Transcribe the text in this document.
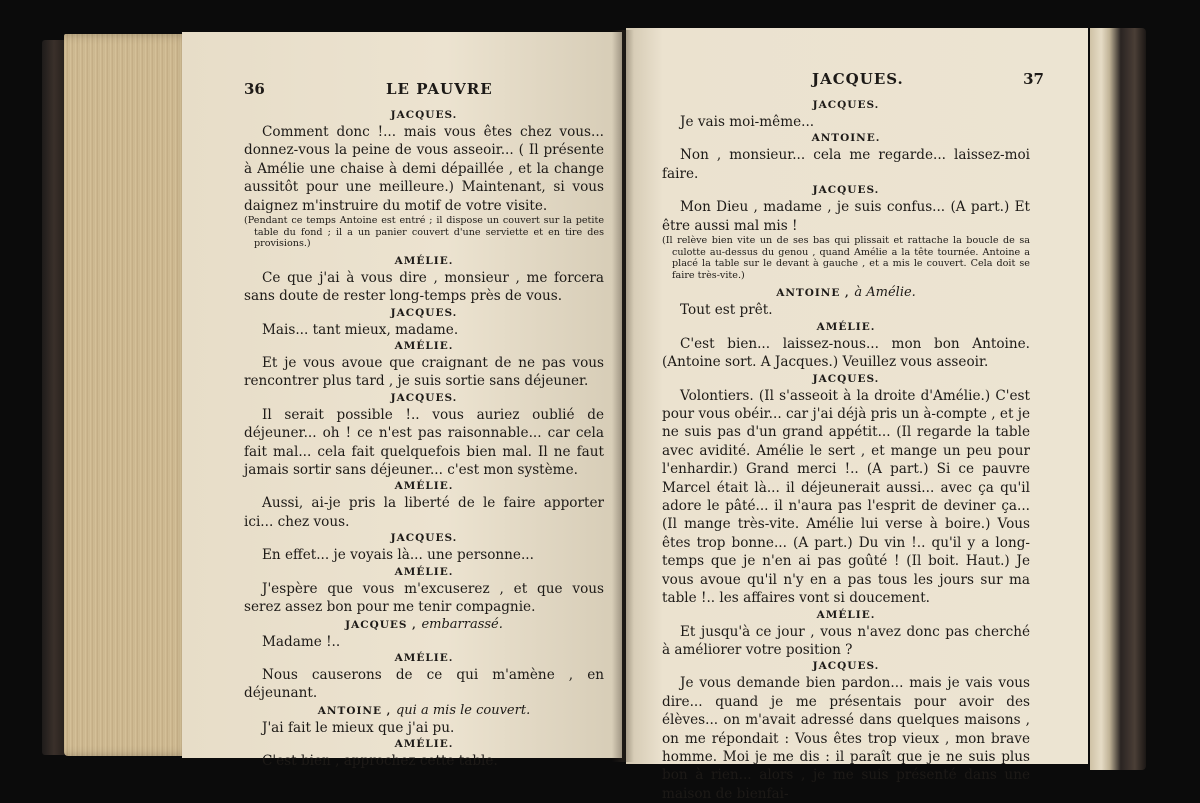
36	LE PAUVRE
JACQUES.

Comment donc !... mais vous êtes chez vous... donnez-vous la peine de vous asseoir... ( Il présente à Amélie une chaise à demi dépaillée , et la change aussitôt pour une meilleure.) Maintenant, si vous daignez m'instruire du motif de votre visite.

(Pendant ce temps Antoine est entré ; il dispose un couvert sur la petite table du fond ; il a un panier couvert d'une serviette et en tire des provisions.)

AMÉLIE.

Ce que j'ai à vous dire , monsieur , me forcera sans doute de rester long-temps près de vous.

JACQUES.

Mais... tant mieux, madame.

AMÉLIE.

Et je vous avoue que craignant de ne pas vous rencontrer plus tard , je suis sortie sans déjeuner.

JACQUES.

Il serait possible !.. vous auriez oublié de déjeuner... oh ! ce n'est pas raisonnable... car cela fait mal... cela fait quelquefois bien mal. Il ne faut jamais sortir sans déjeuner... c'est mon système.

AMÉLIE.

Aussi, ai-je pris la liberté de le faire apporter ici... chez vous.

JACQUES.

En effet... je voyais là... une personne...

AMÉLIE.

J'espère que vous m'excuserez , et que vous serez assez bon pour me tenir compagnie.

JACQUES , embarrassé.

Madame !..

AMÉLIE.

Nous causerons de ce qui m'amène , en déjeunant.

ANTOINE , qui a mis le couvert.

J'ai fait le mieux que j'ai pu.

AMÉLIE.

C'est bien , approchez cette table.

JACQUES.	37
JACQUES.

Je vais moi-même...

ANTOINE.

Non , monsieur... cela me regarde... laissez-moi faire.

JACQUES.

Mon Dieu , madame , je suis confus... (A part.) Et être aussi mal mis !

(Il relève bien vite un de ses bas qui plissait et rattache la boucle de sa culotte au-dessus du genou , quand Amélie a la tête tournée. Antoine a placé la table sur le devant à gauche , et a mis le couvert. Cela doit se faire très-vite.)

ANTOINE , à Amélie.

Tout est prêt.

AMÉLIE.

C'est bien... laissez-nous... mon bon Antoine. (Antoine sort. A Jacques.) Veuillez vous asseoir.

JACQUES.

Volontiers. (Il s'asseoit à la droite d'Amélie.) C'est pour vous obéir... car j'ai déjà pris un à-compte , et je ne suis pas d'un grand appétit... (Il regarde la table avec avidité. Amélie le sert , et mange un peu pour l'enhardir.) Grand merci !.. (A part.) Si ce pauvre Marcel était là... il déjeunerait aussi... avec ça qu'il adore le pâté... il n'aura pas l'esprit de deviner ça... (Il mange très-vite. Amélie lui verse à boire.) Vous êtes trop bonne... (A part.) Du vin !.. qu'il y a long-temps que je n'en ai pas goûté ! (Il boit. Haut.) Je vous avoue qu'il n'y en a pas tous les jours sur ma table !.. les affaires vont si doucement.

AMÉLIE.

Et jusqu'à ce jour , vous n'avez donc pas cherché à améliorer votre position ?

JACQUES.

Je vous demande bien pardon... mais je vais vous dire... quand je me présentais pour avoir des élèves... on m'avait adressé dans quelques maisons , on me répondait : Vous êtes trop vieux , mon brave homme. Moi je me dis : il paraît que je ne suis plus bon à rien... alors , je me suis présenté dans une maison de bienfai-
